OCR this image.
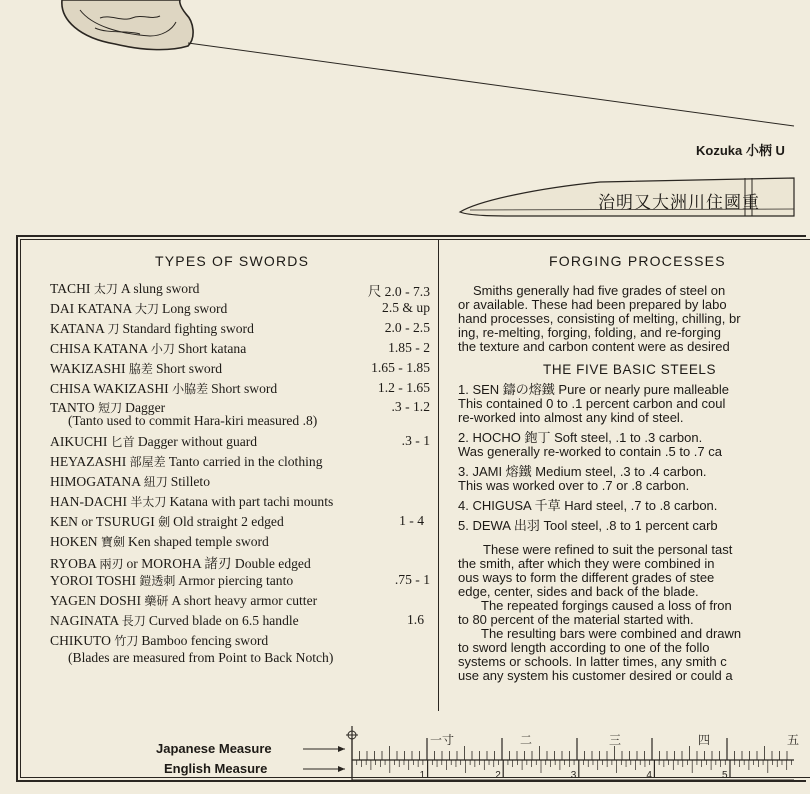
治明又大洲川住國重
Kozuka 小柄 U
TYPES OF SWORDS
TACHI 太刀 A slung sword	尺 2.0 - 7.3
DAI KATANA 大刀 Long sword	2.5 & up
KATANA 刀 Standard fighting sword	2.0 - 2.5
CHISA KATANA 小刀 Short katana	1.85 - 2
WAKIZASHI 脇差 Short sword	1.65 - 1.85
CHISA WAKIZASHI 小脇差 Short sword	1.2 - 1.65
TANTO 短刀 Dagger	.3 - 1.2
AIKUCHI 匕首 Dagger without guard	.3 - 1
HEYAZASHI 部屋差 Tanto carried in the clothing
HIMOGATANA 紐刀 Stilleto
HAN-DACHI 半太刀 Katana with part tachi mounts
KEN or TSURUGI 劍 Old straight 2 edged	1 - 4
HOKEN 寶劍 Ken shaped temple sword
RYOBA 兩刃 or MOROHA 諸刃 Double edged
YOROI TOSHI 鎧透刺 Armor piercing tanto	.75 - 1
YAGEN DOSHI 藥研 A short heavy armor cutter
NAGINATA 長刀 Curved blade on 6.5 handle	1.6
CHIKUTO 竹刀 Bamboo fencing sword
(Tanto used to commit Hara-kiri measured .8)
(Blades are measured from Point to Back Notch)
FORGING PROCESSES
Smiths generally had five grades of steel on
or available. These had been prepared by labo
hand processes, consisting of melting, chilling, br
ing, re-melting, forging, folding, and re-forging
the texture and carbon content were as desired
THE FIVE BASIC STEELS
1. SEN 鑄の熔鐵 Pure or nearly pure malleable
This contained 0 to .1 percent carbon and coul
re-worked into almost any kind of steel.
2. HOCHO 鉋丁 Soft steel, .1 to .3 carbon.
Was generally re-worked to contain .5 to .7 ca
3. JAMI 熔鐵 Medium steel, .3 to .4 carbon.
This was worked over to .7 or .8 carbon.
4. CHIGUSA 千草 Hard steel, .7 to .8 carbon.
5. DEWA 出羽 Tool steel, .8 to 1 percent carb
These were refined to suit the personal tast
the smith, after which they were combined in
ous ways to form the different grades of stee
edge, center, sides and back of the blade.
The repeated forgings caused a loss of fron
to 80 percent of the material started with.
The resulting bars were combined and drawn
to sword length according to one of the follo
systems or schools. In latter times, any smith c
use any system his customer desired or could a
Japanese Measure
English Measure
一寸	二	三	四	五
1	2	3	4	5
